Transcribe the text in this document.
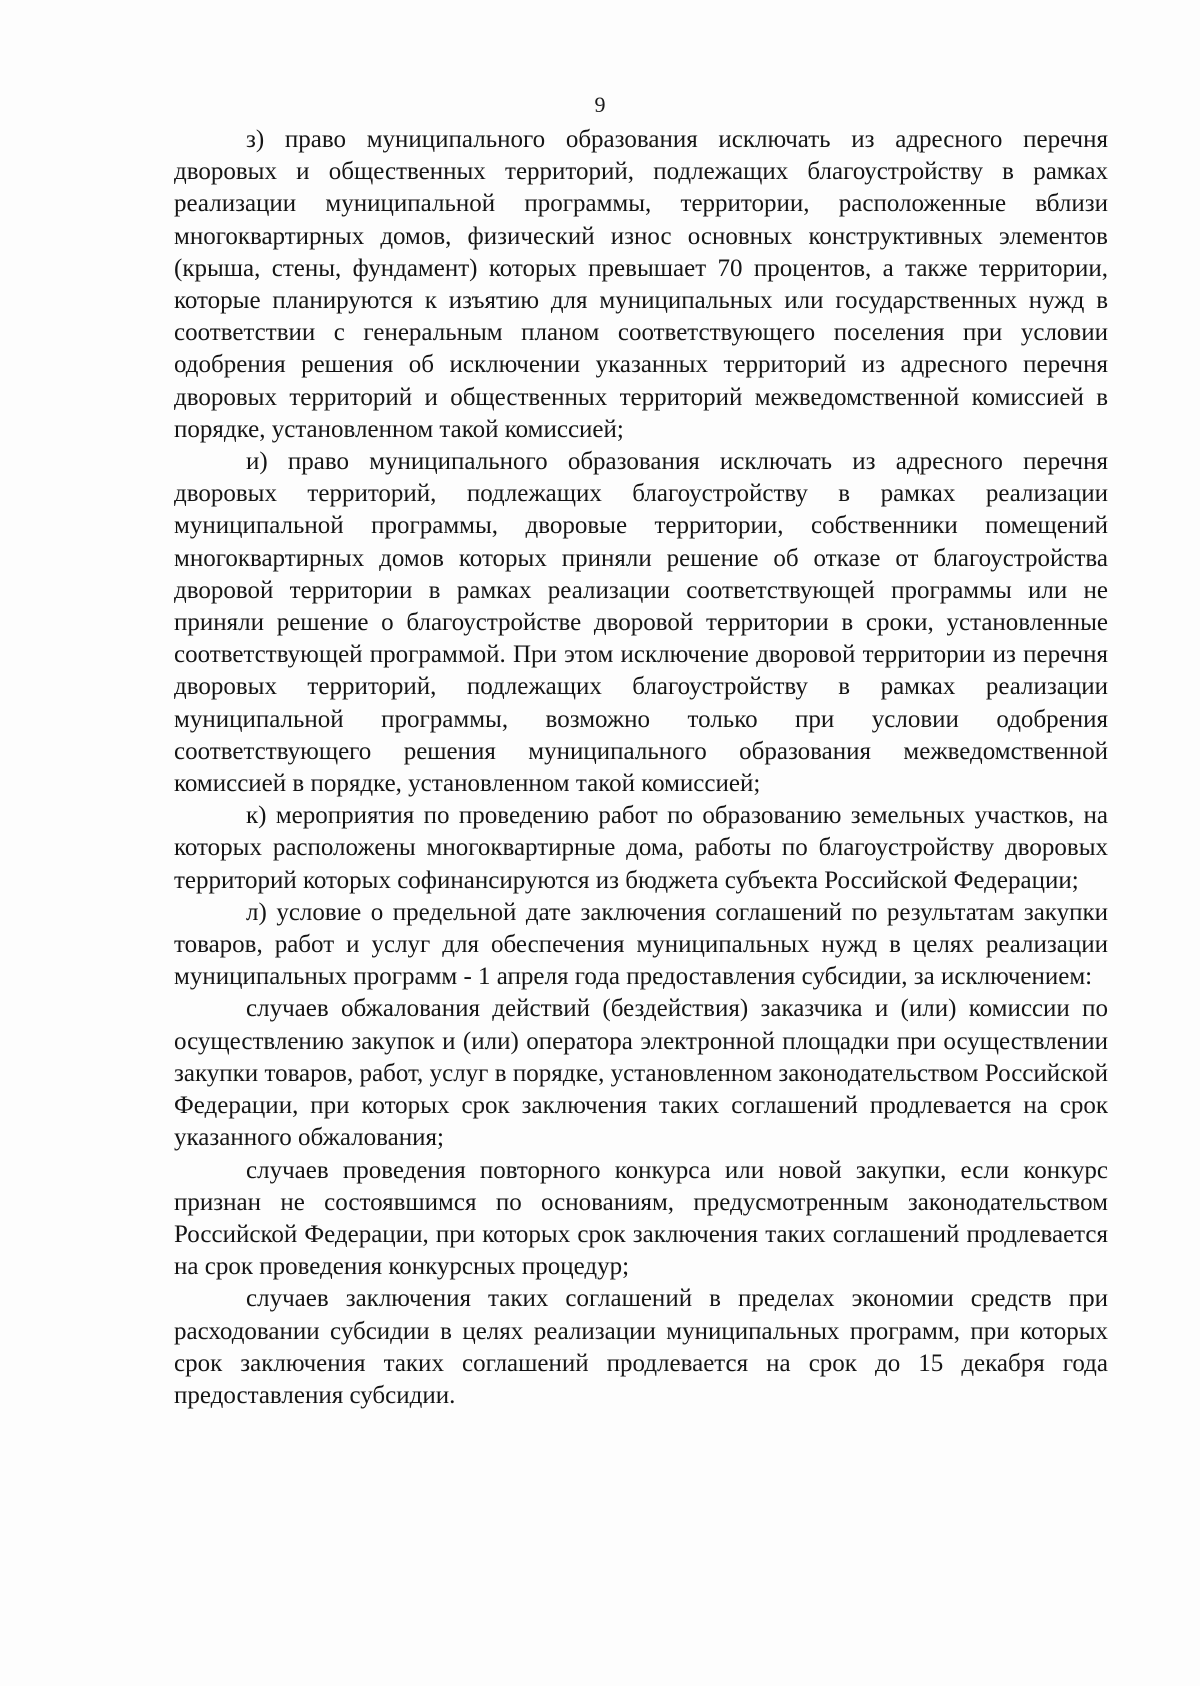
9

з) право муниципального образования исключать из адресного перечня дворовых и общественных территорий, подлежащих благоустройству в рамках реализации муниципальной программы, территории, расположенные вблизи многоквартирных домов, физический износ основных конструктивных элементов (крыша, стены, фундамент) которых превышает 70 процентов, а также территории, которые планируются к изъятию для муниципальных или государственных нужд в соответствии с генеральным планом соответствующего поселения при условии одобрения решения об исключении указанных территорий из адресного перечня дворовых территорий и общественных территорий межведомственной комиссией в порядке, установленном такой комиссией;

и) право муниципального образования исключать из адресного перечня дворовых территорий, подлежащих благоустройству в рамках реализации муниципальной программы, дворовые территории, собственники помещений многоквартирных домов которых приняли решение об отказе от благоустройства дворовой территории в рамках реализации соответствующей программы или не приняли решение о благоустройстве дворовой территории в сроки, установленные соответствующей программой. При этом исключение дворовой территории из перечня дворовых территорий, подлежащих благоустройству в рамках реализации муниципальной программы, возможно только при условии одобрения соответствующего решения муниципального образования межведомственной комиссией в порядке, установленном такой комиссией;

к) мероприятия по проведению работ по образованию земельных участков, на которых расположены многоквартирные дома, работы по благоустройству дворовых территорий которых софинансируются из бюджета субъекта Российской Федерации;

л) условие о предельной дате заключения соглашений по результатам закупки товаров, работ и услуг для обеспечения муниципальных нужд в целях реализации муниципальных программ - 1 апреля года предоставления субсидии, за исключением:

случаев обжалования действий (бездействия) заказчика и (или) комиссии по осуществлению закупок и (или) оператора электронной площадки при осуществлении закупки товаров, работ, услуг в порядке, установленном законодательством Российской Федерации, при которых срок заключения таких соглашений продлевается на срок указанного обжалования;

случаев проведения повторного конкурса или новой закупки, если конкурс признан не состоявшимся по основаниям, предусмотренным законодательством Российской Федерации, при которых срок заключения таких соглашений продлевается на срок проведения конкурсных процедур;

случаев заключения таких соглашений в пределах экономии средств при расходовании субсидии в целях реализации муниципальных программ, при которых срок заключения таких соглашений продлевается на срок до 15 декабря года предоставления субсидии.
